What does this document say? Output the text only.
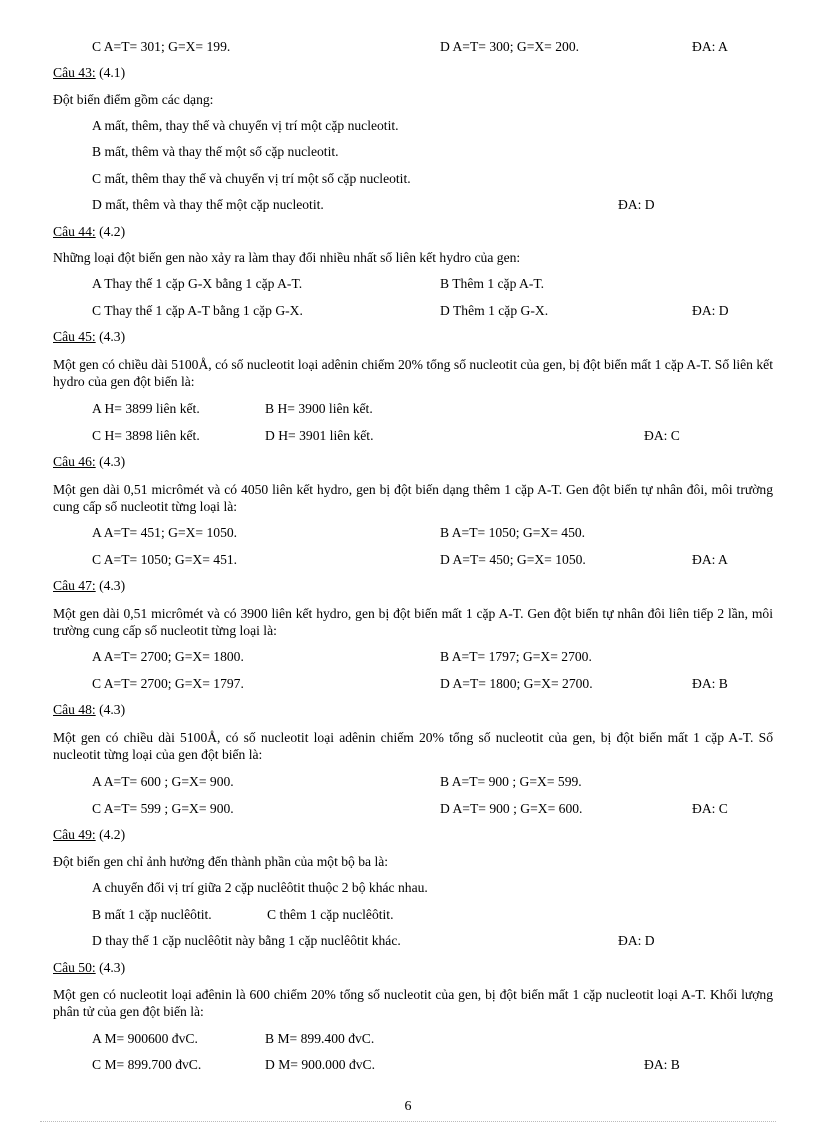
C A=T= 301; G=X= 199.	D A=T= 300; G=X= 200.	ĐA: A
Câu 43: (4.1)
Đột biến điểm gồm các dạng:
A mất, thêm, thay thế và chuyển vị trí một cặp nucleotit.
B mất, thêm và thay thế một số cặp nucleotit.
C mất, thêm thay thế và chuyển vị trí một số cặp nucleotit.
D mất, thêm và thay thế một cặp nucleotit.	ĐA: D
Câu 44: (4.2)
Những loại đột biến gen nào xảy ra làm thay đổi nhiều nhất số liên kết hydro của gen:
A Thay thế 1 cặp G-X bằng 1 cặp A-T.	B Thêm 1 cặp A-T.
C Thay thế 1 cặp A-T bằng 1 cặp G-X.	D Thêm 1 cặp G-X.	ĐA: D
Câu 45: (4.3)
Một gen có chiều dài 5100Å, có số nucleotit loại adênin chiếm 20% tổng số nucleotit của gen, bị đột biến mất 1 cặp A-T. Số liên kết hydro của gen đột biến là:
A H= 3899 liên kết.	B H= 3900 liên kết.
C H= 3898 liên kết.	D H= 3901 liên kết.	ĐA: C
Câu 46: (4.3)
Một gen dài 0,51 micrômét và có 4050 liên kết hydro, gen bị đột biến dạng thêm 1 cặp A-T. Gen đột biến tự nhân đôi, môi trường cung cấp số nucleotit từng loại là:
A A=T= 451; G=X= 1050.	B A=T= 1050; G=X= 450.
C A=T= 1050; G=X= 451.	D A=T= 450; G=X= 1050.	ĐA: A
Câu 47: (4.3)
Một gen dài 0,51 micrômét và có 3900 liên kết hydro, gen bị đột biến mất 1 cặp A-T. Gen đột biến tự nhân đôi liên tiếp 2 lần, môi trường cung cấp số nucleotit từng loại là:
A A=T= 2700; G=X= 1800.	B A=T= 1797; G=X= 2700.
C A=T= 2700; G=X= 1797.	D A=T= 1800; G=X= 2700.	ĐA: B
Câu 48: (4.3)
Một gen có chiều dài 5100Å, có số nucleotit loại adênin chiếm 20% tổng số nucleotit của gen, bị đột biến mất 1 cặp A-T. Số nucleotit từng loại của gen đột biến là:
A A=T= 600 ; G=X= 900.	B A=T= 900 ; G=X= 599.
C A=T= 599 ; G=X= 900.	D A=T= 900 ; G=X= 600.	ĐA: C
Câu 49: (4.2)
Đột biến gen chỉ ảnh hưởng đến thành phần của một bộ ba là:
A chuyển đổi vị trí giữa 2 cặp nuclêôtit thuộc 2 bộ khác nhau.
B mất 1 cặp nuclêôtit.	C thêm 1 cặp nuclêôtit.
D thay thế 1 cặp nuclêôtit này bằng 1 cặp nuclêôtit khác.	ĐA: D
Câu 50: (4.3)
Một gen có nucleotit loại ađênin là 600 chiếm 20% tổng số nucleotit của gen, bị đột biến mất 1 cặp nucleotit loại A-T. Khối lượng phân tử của gen đột biến là:
A M= 900600 đvC.	B M= 899.400 đvC.
C M= 899.700 đvC.	D M= 900.000 đvC.	ĐA: B
6
